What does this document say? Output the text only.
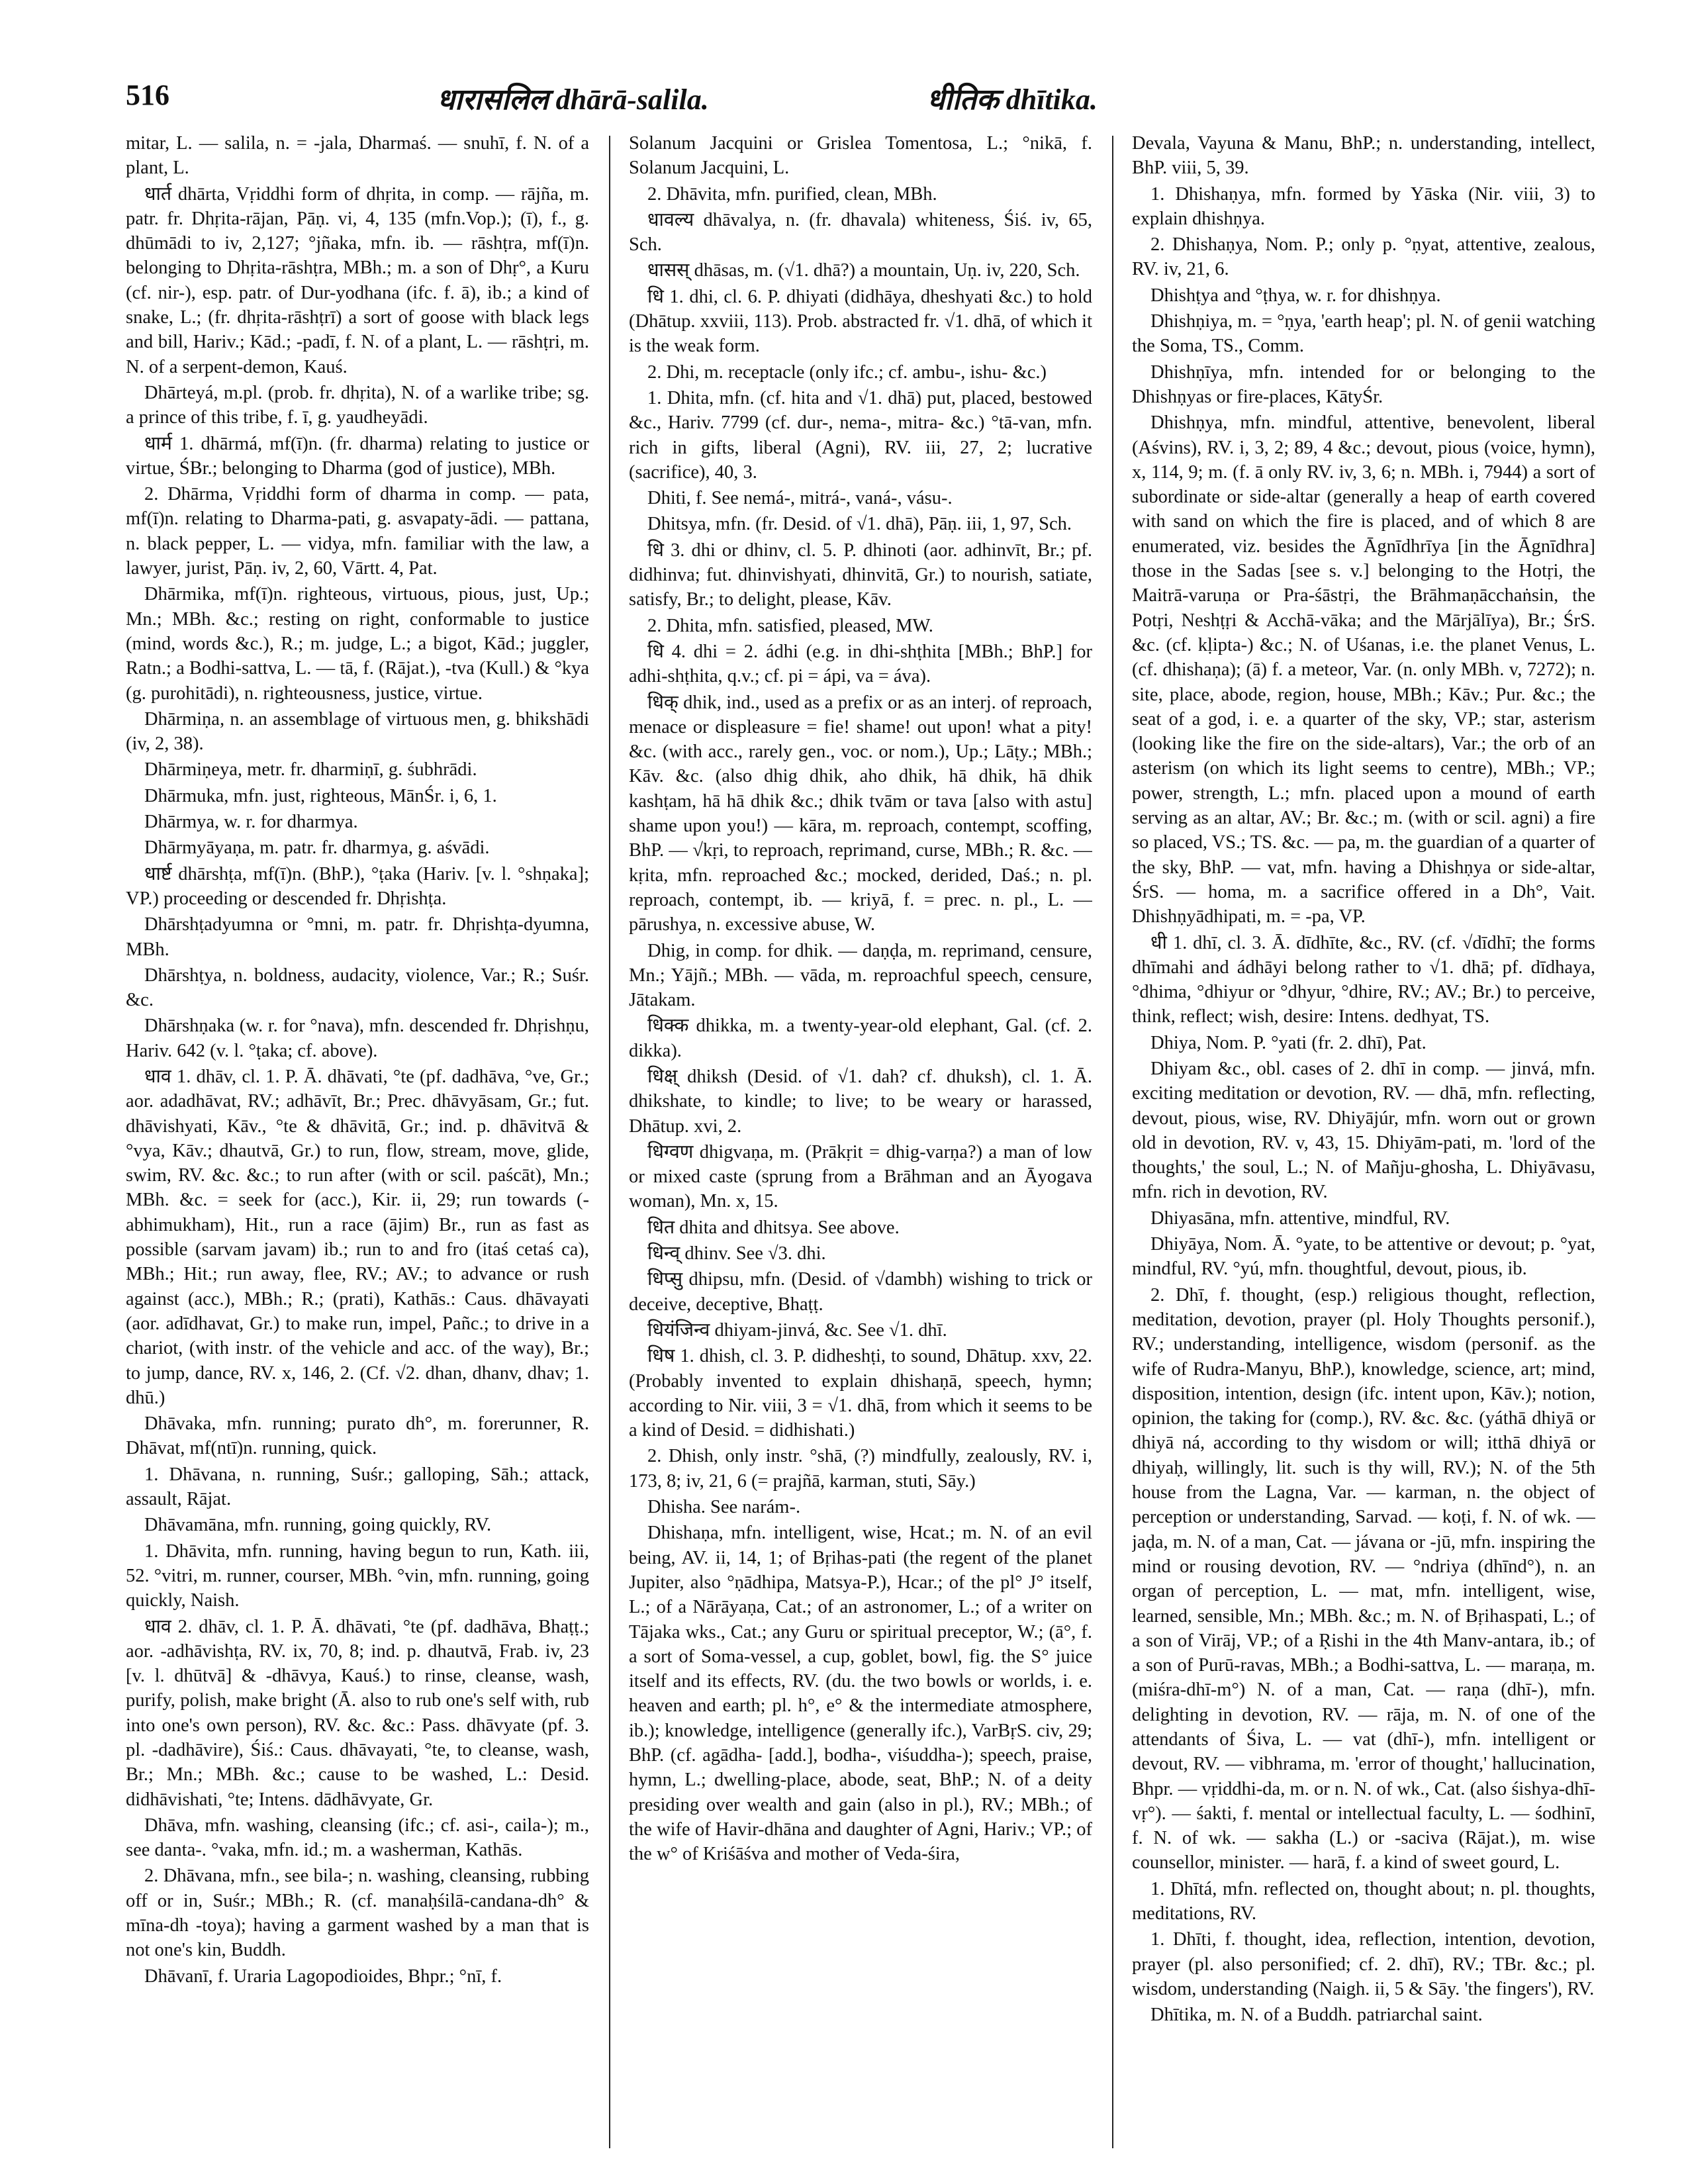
516	धारासलिल dhārā-salila.	धीतिक dhītika.

mitar, L. — salila, n. = -jala, Dharmaś. — snuhī, f. N. of a plant, L.

धार्त dhārta, Vṛiddhi form of dhṛita, in comp. — rājña, m. patr. fr. Dhṛita-rājan, Pāṇ. vi, 4, 135 (mfn.Vop.); (ī), f., g. dhūmādi to iv, 2,127; °jñaka, mfn. ib. — rāshṭra, mf(ī)n. belonging to Dhṛita-rāshṭra, MBh.; m. a son of Dhṛ°, a Kuru (cf. nir-), esp. patr. of Dur-yodhana (ifc. f. ā), ib.; a kind of snake, L.; (fr. dhṛita-rāshṭrī) a sort of goose with black legs and bill, Hariv.; Kād.; -padī, f. N. of a plant, L. — rāshṭri, m. N. of a serpent-demon, Kauś.

Dhārteyá, m.pl. (prob. fr. dhṛita), N. of a warlike tribe; sg. a prince of this tribe, f. ī, g. yaudheyādi.

धार्म 1. dhārmá, mf(ī)n. (fr. dharma) relating to justice or virtue, ŚBr.; belonging to Dharma (god of justice), MBh.

2. Dhārma, Vṛiddhi form of dharma in comp. — pata, mf(ī)n. relating to Dharma-pati, g. asvapaty-ādi. — pattana, n. black pepper, L. — vidya, mfn. familiar with the law, a lawyer, jurist, Pāṇ. iv, 2, 60, Vārtt. 4, Pat.

Dhārmika, mf(ī)n. righteous, virtuous, pious, just, Up.; Mn.; MBh. &c.; resting on right, conformable to justice (mind, words &c.), R.; m. judge, L.; a bigot, Kād.; juggler, Ratn.; a Bodhi-sattva, L. — tā, f. (Rājat.), -tva (Kull.) & °kya (g. purohitādi), n. righteousness, justice, virtue.

Dhārmiṇa, n. an assemblage of virtuous men, g. bhikshādi (iv, 2, 38).

Dhārmiṇeya, metr. fr. dharmiṇī, g. śubhrādi.

Dhārmuka, mfn. just, righteous, MānŚr. i, 6, 1.

Dhārmya, w. r. for dharmya.

Dhārmyāyaṇa, m. patr. fr. dharmya, g. aśvādi.

धार्ष्ट dhārshṭa, mf(ī)n. (BhP.), °ṭaka (Hariv. [v. l. °shṇaka]; VP.) proceeding or descended fr. Dhṛishṭa.

Dhārshṭadyumna or °mni, m. patr. fr. Dhṛishṭa-dyumna, MBh.

Dhārshṭya, n. boldness, audacity, violence, Var.; R.; Suśr. &c.

Dhārshṇaka (w. r. for °nava), mfn. descended fr. Dhṛishṇu, Hariv. 642 (v. l. °ṭaka; cf. above).

धाव 1. dhāv, cl. 1. P. Ā. dhāvati, °te (pf. dadhāva, °ve, Gr.; aor. adadhāvat, RV.; adhāvīt, Br.; Prec. dhāvyāsam, Gr.; fut. dhāvishyati, Kāv., °te & dhāvitā, Gr.; ind. p. dhāvitvā & °vya, Kāv.; dhautvā, Gr.) to run, flow, stream, move, glide, swim, RV. &c. &c.; to run after (with or scil. paścāt), Mn.; MBh. &c. = seek for (acc.), Kir. ii, 29; run towards (-abhimukham), Hit., run a race (ājim) Br., run as fast as possible (sarvam javam) ib.; run to and fro (itaś cetaś ca), MBh.; Hit.; run away, flee, RV.; AV.; to advance or rush against (acc.), MBh.; R.; (prati), Kathās.: Caus. dhāvayati (aor. adīdhavat, Gr.) to make run, impel, Pañc.; to drive in a chariot, (with instr. of the vehicle and acc. of the way), Br.; to jump, dance, RV. x, 146, 2. (Cf. √2. dhan, dhanv, dhav; 1. dhū.)

Dhāvaka, mfn. running; purato dh°, m. forerunner, R. Dhāvat, mf(ntī)n. running, quick.

1. Dhāvana, n. running, Suśr.; galloping, Sāh.; attack, assault, Rājat.

Dhāvamāna, mfn. running, going quickly, RV.

1. Dhāvita, mfn. running, having begun to run, Kath. iii, 52. °vitri, m. runner, courser, MBh. °vin, mfn. running, going quickly, Naish.

धाव 2. dhāv, cl. 1. P. Ā. dhāvati, °te (pf. dadhāva, Bhaṭṭ.; aor. -adhāvishṭa, RV. ix, 70, 8; ind. p. dhautvā, Frab. iv, 23 [v. l. dhūtvā] & -dhāvya, Kauś.) to rinse, cleanse, wash, purify, polish, make bright (Ā. also to rub one's self with, rub into one's own person), RV. &c. &c.: Pass. dhāvyate (pf. 3. pl. -dadhāvire), Śiś.: Caus. dhāvayati, °te, to cleanse, wash, Br.; Mn.; MBh. &c.; cause to be washed, L.: Desid. didhāvishati, °te; Intens. dādhāvyate, Gr.

Dhāva, mfn. washing, cleansing (ifc.; cf. asi-, caila-); m., see danta-. °vaka, mfn. id.; m. a washerman, Kathās.

2. Dhāvana, mfn., see bila-; n. washing, cleansing, rubbing off or in, Suśr.; MBh.; R. (cf. manaḥśilā-candana-dh° & mīna-dh -toya); having a garment washed by a man that is not one's kin, Buddh.

Dhāvanī, f. Uraria Lagopodioides, Bhpr.; °nī, f.

Solanum Jacquini or Grislea Tomentosa, L.; °nikā, f. Solanum Jacquini, L.

2. Dhāvita, mfn. purified, clean, MBh.

धावल्य dhāvalya, n. (fr. dhavala) whiteness, Śiś. iv, 65, Sch.

धासस् dhāsas, m. (√1. dhā?) a mountain, Uṇ. iv, 220, Sch.

धि 1. dhi, cl. 6. P. dhiyati (didhāya, dheshyati &c.) to hold (Dhātup. xxviii, 113). Prob. abstracted fr. √1. dhā, of which it is the weak form.

2. Dhi, m. receptacle (only ifc.; cf. ambu-, ishu- &c.)

1. Dhita, mfn. (cf. hita and √1. dhā) put, placed, bestowed &c., Hariv. 7799 (cf. dur-, nema-, mitra- &c.) °tā-van, mfn. rich in gifts, liberal (Agni), RV. iii, 27, 2; lucrative (sacrifice), 40, 3.

Dhiti, f. See nemá-, mitrá-, vaná-, vásu-.

Dhitsya, mfn. (fr. Desid. of √1. dhā), Pāṇ. iii, 1, 97, Sch.

धि 3. dhi or dhinv, cl. 5. P. dhinoti (aor. adhinvīt, Br.; pf. didhinva; fut. dhinvishyati, dhinvitā, Gr.) to nourish, satiate, satisfy, Br.; to delight, please, Kāv.

2. Dhita, mfn. satisfied, pleased, MW.

धि 4. dhi = 2. ádhi (e.g. in dhi-shṭhita [MBh.; BhP.] for adhi-shṭhita, q.v.; cf. pi = ápi, va = áva).

धिक् dhik, ind., used as a prefix or as an interj. of reproach, menace or displeasure = fie! shame! out upon! what a pity! &c. (with acc., rarely gen., voc. or nom.), Up.; Lāṭy.; MBh.; Kāv. &c. (also dhig dhik, aho dhik, hā dhik, hā dhik kashṭam, hā hā dhik &c.; dhik tvām or tava [also with astu] shame upon you!) — kāra, m. reproach, contempt, scoffing, BhP. — √kṛi, to reproach, reprimand, curse, MBh.; R. &c. — kṛita, mfn. reproached &c.; mocked, derided, Daś.; n. pl. reproach, contempt, ib. — kriyā, f. = prec. n. pl., L. — pārushya, n. excessive abuse, W.

Dhig, in comp. for dhik. — daṇḍa, m. reprimand, censure, Mn.; Yājñ.; MBh. — vāda, m. reproachful speech, censure, Jātakam.

धिक्क dhikka, m. a twenty-year-old elephant, Gal. (cf. 2. dikka).

धिक्ष् dhiksh (Desid. of √1. dah? cf. dhuksh), cl. 1. Ā. dhikshate, to kindle; to live; to be weary or harassed, Dhātup. xvi, 2.

धिग्वण dhigvaṇa, m. (Prākṛit = dhig-varṇa?) a man of low or mixed caste (sprung from a Brāhman and an Āyogava woman), Mn. x, 15.

धित dhita and dhitsya. See above.

धिन्व् dhinv. See √3. dhi.

धिप्सु dhipsu, mfn. (Desid. of √dambh) wishing to trick or deceive, deceptive, Bhaṭṭ.

धियंजिन्व dhiyam-jinvá, &c. See √1. dhī.

धिष 1. dhish, cl. 3. P. didheshṭi, to sound, Dhātup. xxv, 22. (Probably invented to explain dhishaṇā, speech, hymn; according to Nir. viii, 3 = √1. dhā, from which it seems to be a kind of Desid. = didhishati.)

2. Dhish, only instr. °shā, (?) mindfully, zealously, RV. i, 173, 8; iv, 21, 6 (= prajñā, karman, stuti, Sāy.)

Dhisha. See narám-.

Dhishaṇa, mfn. intelligent, wise, Hcat.; m. N. of an evil being, AV. ii, 14, 1; of Bṛihas-pati (the regent of the planet Jupiter, also °ṇādhipa, Matsya-P.), Hcar.; of the pl° J° itself, L.; of a Nārāyaṇa, Cat.; of an astronomer, L.; of a writer on Tājaka wks., Cat.; any Guru or spiritual preceptor, W.; (ā°, f. a sort of Soma-vessel, a cup, goblet, bowl, fig. the S° juice itself and its effects, RV. (du. the two bowls or worlds, i. e. heaven and earth; pl. h°, e° & the intermediate atmosphere, ib.); knowledge, intelligence (generally ifc.), VarBṛS. civ, 29; BhP. (cf. agādha- [add.], bodha-, viśuddha-); speech, praise, hymn, L.; dwelling-place, abode, seat, BhP.; N. of a deity presiding over wealth and gain (also in pl.), RV.; MBh.; of the wife of Havir-dhāna and daughter of Agni, Hariv.; VP.; of the w° of Kriśāśva and mother of Veda-śira,

Devala, Vayuna & Manu, BhP.; n. understanding, intellect, BhP. viii, 5, 39.

1. Dhishaṇya, mfn. formed by Yāska (Nir. viii, 3) to explain dhishṇya.

2. Dhishaṇya, Nom. P.; only p. °ṇyat, attentive, zealous, RV. iv, 21, 6.

Dhishṭya and °ṭhya, w. r. for dhishṇya.

Dhishṇiya, m. = °ṇya, 'earth heap'; pl. N. of genii watching the Soma, TS., Comm.

Dhishṇīya, mfn. intended for or belonging to the Dhishṇyas or fire-places, KātyŚr.

Dhishṇya, mfn. mindful, attentive, benevolent, liberal (Aśvins), RV. i, 3, 2; 89, 4 &c.; devout, pious (voice, hymn), x, 114, 9; m. (f. ā only RV. iv, 3, 6; n. MBh. i, 7944) a sort of subordinate or side-altar (generally a heap of earth covered with sand on which the fire is placed, and of which 8 are enumerated, viz. besides the Āgnīdhrīya [in the Āgnīdhra] those in the Sadas [see s. v.] belonging to the Hotṛi, the Maitrā-varuṇa or Pra-śāstṛi, the Brāhmaṇācchaṅsin, the Potṛi, Neshṭṛi & Acchā-vāka; and the Mārjālīya), Br.; ŚrS. &c. (cf. kḷipta-) &c.; N. of Uśanas, i.e. the planet Venus, L. (cf. dhishaṇa); (ā) f. a meteor, Var. (n. only MBh. v, 7272); n. site, place, abode, region, house, MBh.; Kāv.; Pur. &c.; the seat of a god, i. e. a quarter of the sky, VP.; star, asterism (looking like the fire on the side-altars), Var.; the orb of an asterism (on which its light seems to centre), MBh.; VP.; power, strength, L.; mfn. placed upon a mound of earth serving as an altar, AV.; Br. &c.; m. (with or scil. agni) a fire so placed, VS.; TS. &c. — pa, m. the guardian of a quarter of the sky, BhP. — vat, mfn. having a Dhishṇya or side-altar, ŚrS. — homa, m. a sacrifice offered in a Dh°, Vait. Dhishṇyādhipati, m. = -pa, VP.

धी 1. dhī, cl. 3. Ā. dīdhīte, &c., RV. (cf. √dīdhī; the forms dhīmahi and ádhāyi belong rather to √1. dhā; pf. dīdhaya, °dhima, °dhiyur or °dhyur, °dhire, RV.; AV.; Br.) to perceive, think, reflect; wish, desire: Intens. dedhyat, TS.

Dhiya, Nom. P. °yati (fr. 2. dhī), Pat.

Dhiyam &c., obl. cases of 2. dhī in comp. — jinvá, mfn. exciting meditation or devotion, RV. — dhā, mfn. reflecting, devout, pious, wise, RV. Dhiyājúr, mfn. worn out or grown old in devotion, RV. v, 43, 15. Dhiyām-pati, m. 'lord of the thoughts,' the soul, L.; N. of Mañju-ghosha, L. Dhiyāvasu, mfn. rich in devotion, RV.

Dhiyasāna, mfn. attentive, mindful, RV.

Dhiyāya, Nom. Ā. °yate, to be attentive or devout; p. °yat, mindful, RV. °yú, mfn. thoughtful, devout, pious, ib.

2. Dhī, f. thought, (esp.) religious thought, reflection, meditation, devotion, prayer (pl. Holy Thoughts personif.), RV.; understanding, intelligence, wisdom (personif. as the wife of Rudra-Manyu, BhP.), knowledge, science, art; mind, disposition, intention, design (ifc. intent upon, Kāv.); notion, opinion, the taking for (comp.), RV. &c. &c. (yáthā dhiyā or dhiyā ná, according to thy wisdom or will; itthā dhiyā or dhiyaḥ, willingly, lit. such is thy will, RV.); N. of the 5th house from the Lagna, Var. — karman, n. the object of perception or understanding, Sarvad. — koṭi, f. N. of wk. — jaḍa, m. N. of a man, Cat. — jávana or -jū, mfn. inspiring the mind or rousing devotion, RV. — °ndriya (dhīnd°), n. an organ of perception, L. — mat, mfn. intelligent, wise, learned, sensible, Mn.; MBh. &c.; m. N. of Bṛihaspati, L.; of a son of Virāj, VP.; of a Ṛishi in the 4th Manv-antara, ib.; of a son of Purū-ravas, MBh.; a Bodhi-sattva, L. — maraṇa, m. (miśra-dhī-m°) N. of a man, Cat. — raṇa (dhī-), mfn. delighting in devotion, RV. — rāja, m. N. of one of the attendants of Śiva, L. — vat (dhī-), mfn. intelligent or devout, RV. — vibhrama, m. 'error of thought,' hallucination, Bhpr. — vṛiddhi-da, m. or n. N. of wk., Cat. (also śishya-dhī-vṛ°). — śakti, f. mental or intellectual faculty, L. — śodhinī, f. N. of wk. — sakha (L.) or -saciva (Rājat.), m. wise counsellor, minister. — harā, f. a kind of sweet gourd, L.

1. Dhītá, mfn. reflected on, thought about; n. pl. thoughts, meditations, RV.

1. Dhīti, f. thought, idea, reflection, intention, devotion, prayer (pl. also personified; cf. 2. dhī), RV.; TBr. &c.; pl. wisdom, understanding (Naigh. ii, 5 & Sāy. 'the fingers'), RV.

Dhītika, m. N. of a Buddh. patriarchal saint.
